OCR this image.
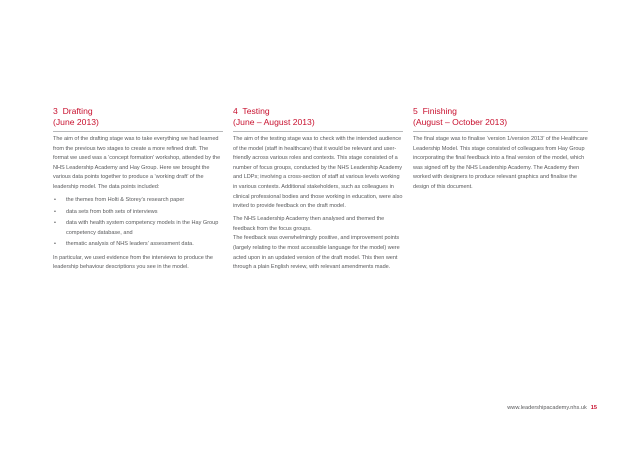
3 Drafting
(June 2013)

The aim of the drafting stage was to take everything we had learned from the previous two stages to create a more refined draft. The format we used was a ‘concept formation’ workshop, attended by the NHS Leadership Academy and Hay Group. Here we brought the various data points together to produce a ‘working draft’ of the leadership model. The data points included:

• the themes from Holti & Storey’s research paper
• data sets from both sets of interviews
• data with health system competency models in the Hay Group competency database, and
• thematic analysis of NHS leaders’ assessment data.

In particular, we used evidence from the interviews to produce the leadership behaviour descriptions you see in the model.

4 Testing
(June – August 2013)

The aim of the testing stage was to check with the intended audience of the model (staff in healthcare) that it would be relevant and user-friendly across various roles and contexts. This stage consisted of a number of focus groups, conducted by the NHS Leadership Academy and LDPs; involving a cross-section of staff at various levels working in various contexts. Additional stakeholders, such as colleagues in clinical professional bodies and those working in education, were also invited to provide feedback on the draft model.

The NHS Leadership Academy then analysed and themed the feedback from the focus groups.

The feedback was overwhelmingly positive, and improvement points (largely relating to the most accessible language for the model) were acted upon in an updated version of the draft model. This then went through a plain English review, with relevant amendments made.

5 Finishing
(August – October 2013)

The final stage was to finalise ‘version 1/version 2013’ of the Healthcare Leadership Model. This stage consisted of colleagues from Hay Group incorporating the final feedback into a final version of the model, which was signed off by the NHS Leadership Academy. The Academy then worked with designers to produce relevant graphics and finalise the design of this document.

www.leadershipacademy.nhs.uk 15
